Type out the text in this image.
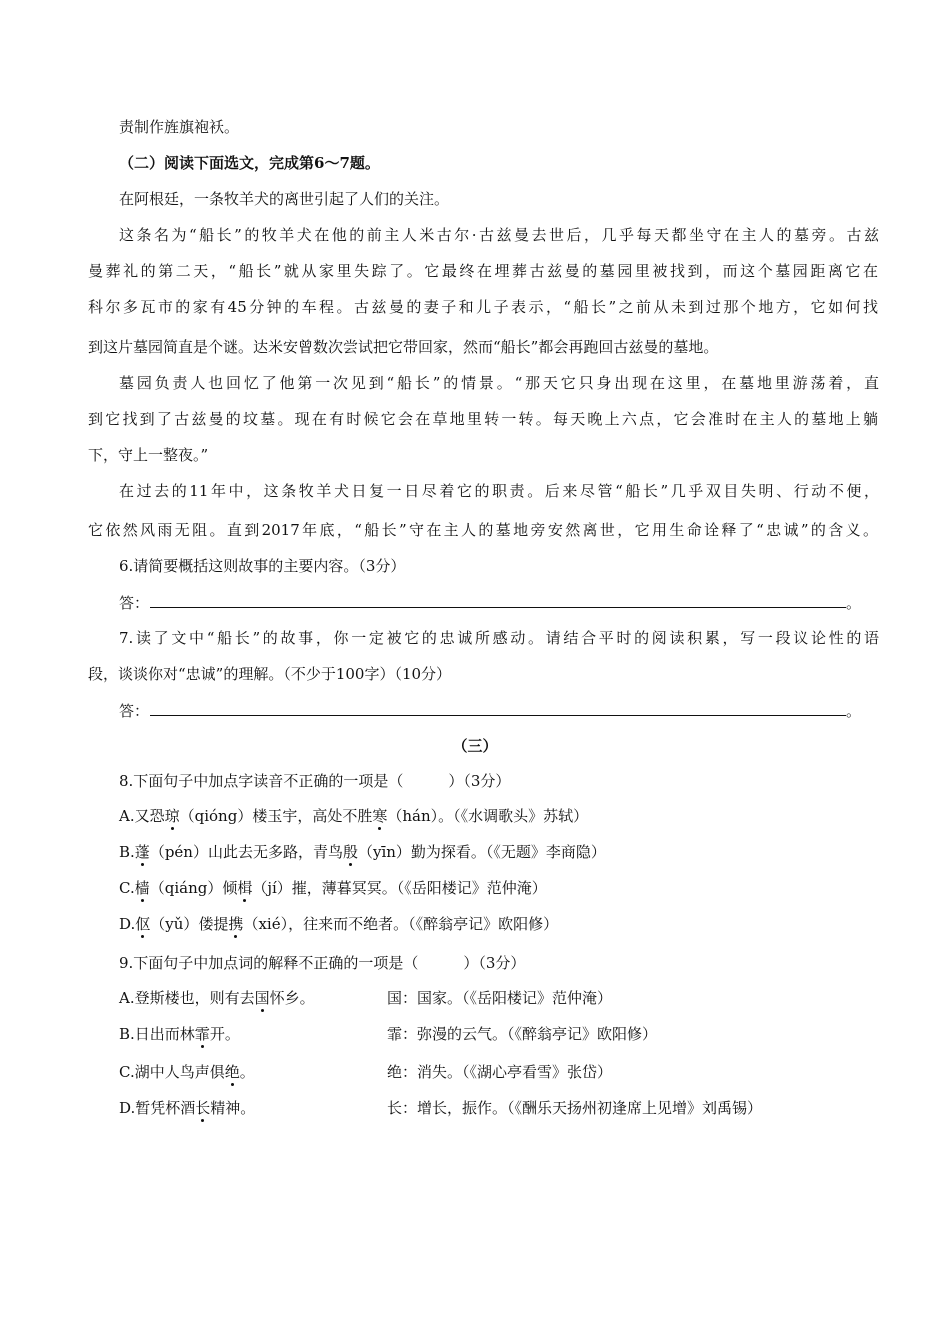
责制作旌旗袍袄。
（二）阅读下面选文，完成第6～7题。
在阿根廷，一条牧羊犬的离世引起了人们的关注。
这条名为“船长”的牧羊犬在他的前主人米古尔·古兹曼去世后，几乎每天都坐守在主人的墓旁。古兹
曼葬礼的第二天，“船长”就从家里失踪了。它最终在埋葬古兹曼的墓园里被找到，而这个墓园距离它在
科尔多瓦市的家有45分钟的车程。古兹曼的妻子和儿子表示，“船长”之前从未到过那个地方，它如何找
到这片墓园简直是个谜。达米安曾数次尝试把它带回家，然而“船长”都会再跑回古兹曼的墓地。
墓园负责人也回忆了他第一次见到“船长”的情景。“那天它只身出现在这里，在墓地里游荡着，直
到它找到了古兹曼的坟墓。现在有时候它会在草地里转一转。每天晚上六点，它会准时在主人的墓地上躺
下，守上一整夜。”
在过去的11年中，这条牧羊犬日复一日尽着它的职责。后来尽管“船长”几乎双目失明、行动不便，
它依然风雨无阻。直到2017年底，“船长”守在主人的墓地旁安然离世，它用生命诠释了“忠诚”的含义。
6.请简要概括这则故事的主要内容。（3分）
答：	。
7.读了文中“船长”的故事，你一定被它的忠诚所感动。请结合平时的阅读积累，写一段议论性的语
段，谈谈你对“忠诚”的理解。（不少于100字）（10分）
答：	。
（三）
8.下面句子中加点字读音不正确的一项是（　　　）（3分）
A.又恐琼（qióng）楼玉宇，高处不胜寒（hán）。（《水调歌头》苏轼）
B.蓬（pén）山此去无多路，青鸟殷（yīn）勤为探看。（《无题》李商隐）
C.樯（qiáng）倾楫（jí）摧，薄暮冥冥。（《岳阳楼记》范仲淹）
D.伛（yǔ）偻提携（xié），往来而不绝者。（《醉翁亭记》欧阳修）
9.下面句子中加点词的解释不正确的一项是（　　　）（3分）
A.登斯楼也，则有去国怀乡。	国：国家。（《岳阳楼记》范仲淹）
B.日出而林霏开。	霏：弥漫的云气。（《醉翁亭记》欧阳修）
C.湖中人鸟声俱绝。	绝：消失。（《湖心亭看雪》张岱）
D.暂凭杯酒长精神。	长：增长，振作。（《酬乐天扬州初逢席上见增》刘禹锡）
